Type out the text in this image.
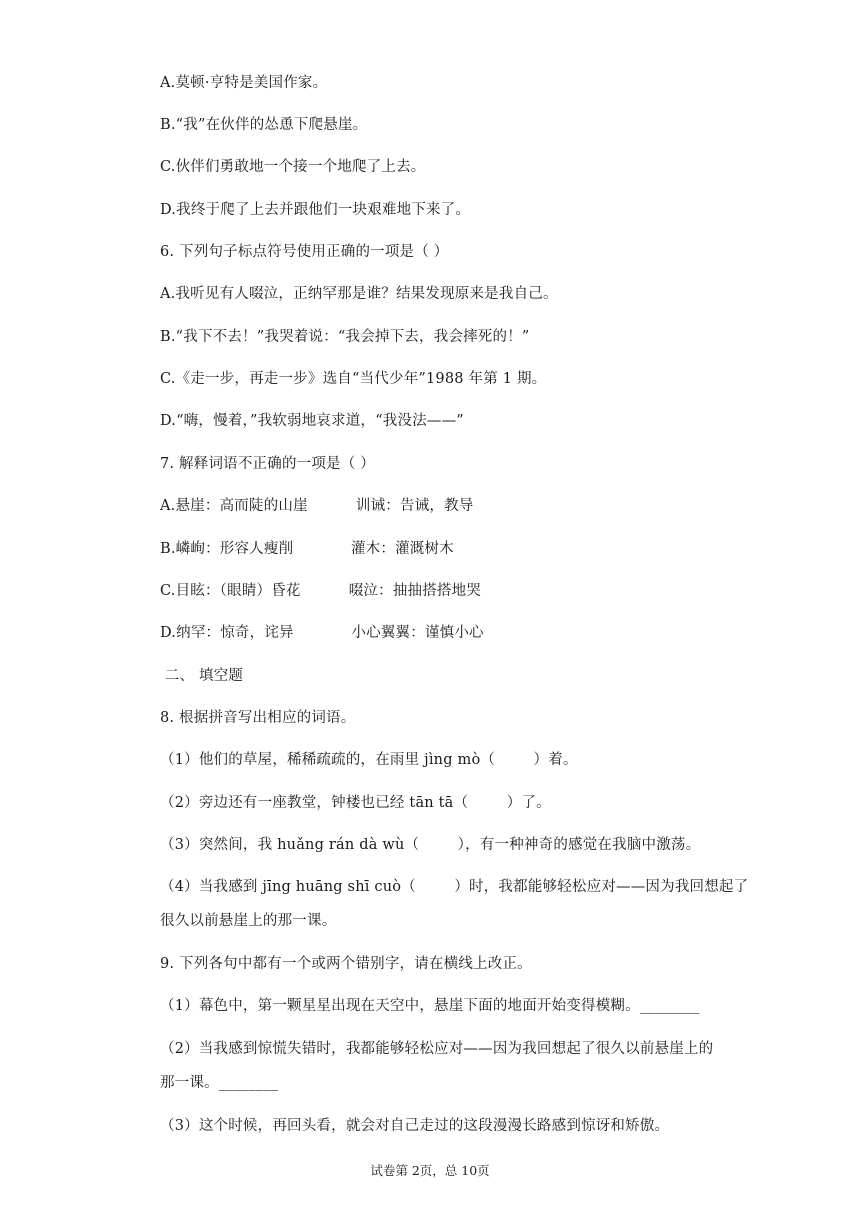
A.莫顿·亨特是美国作家。
B.“我”在伙伴的怂恿下爬悬崖。
C.伙伴们勇敢地一个接一个地爬了上去。
D.我终于爬了上去并跟他们一块艰难地下来了。
6. 下列句子标点符号使用正确的一项是（ ）
A.我听见有人啜泣，正纳罕那是谁？结果发现原来是我自己。
B.“我下不去！”我哭着说：“我会掉下去，我会摔死的！”
C.《走一步，再走一步》选自“当代少年”1988 年第 1 期。
D.“嗨，慢着，”我软弱地哀求道，“我没法——”
7. 解释词语不正确的一项是（ ）
A.悬崖：高而陡的山崖          训诫：告诫，教导
B.嶙峋：形容人瘦削            灌木：灌溉树木
C.目眩：（眼睛）昏花          啜泣：抽抽搭搭地哭
D.纳罕：惊奇，诧异            小心翼翼：谨慎小心
二、 填空题
8. 根据拼音写出相应的词语。
（1）他们的草屋，稀稀疏疏的，在雨里 jìng mò（        ）着。
（2）旁边还有一座教堂，钟楼也已经 tān tā（        ）了。
（3）突然间，我 huǎng rán dà wù（        ），有一种神奇的感觉在我脑中激荡。
（4）当我感到 jīng huāng shī cuò（        ）时，我都能够轻松应对——因为我回想起了
很久以前悬崖上的那一课。
9. 下列各句中都有一个或两个错别字，请在横线上改正。
（1）幕色中，第一颗星星出现在天空中，悬崖下面的地面开始变得模糊。________
（2）当我感到惊慌失错时，我都能够轻松应对——因为我回想起了很久以前悬崖上的
那一课。________
（3）这个时候，再回头看，就会对自己走过的这段漫漫长路感到惊讶和矫傲。
试卷第 2页，总 10页
